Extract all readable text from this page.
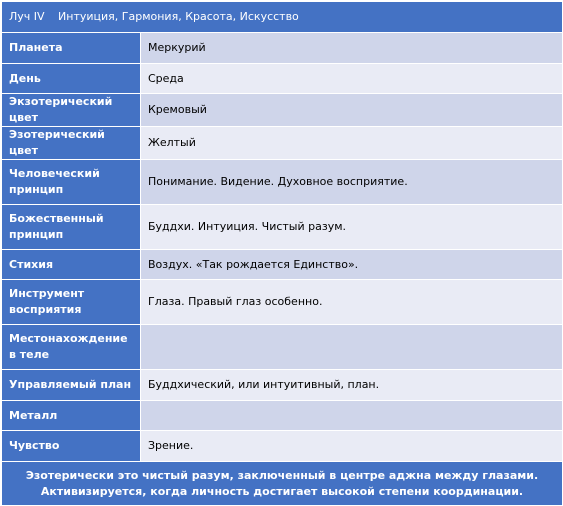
Луч IV Интуиция, Гармония, Красота, Искусство	
Планета	Меркурий
День	Среда
Экзотерический цвет	Кремовый
Эзотерический цвет	Желтый
Человеческий принцип	Понимание. Видение. Духовное восприятие.
Божественный принцип	Буддхи. Интуиция. Чистый разум.
Стихия	Воздух. «Так рождается Единство».
Инструмент восприятия	Глаза. Правый глаз особенно.
Местонахождение в теле	
Управляемый план	Буддхический, или интуитивный, план.
Металл	
Чувство	Зрение.

Эзотерически это чистый разум, заключенный в центре аджна между глазами.
Активизируется, когда личность достигает высокой степени координации.	
